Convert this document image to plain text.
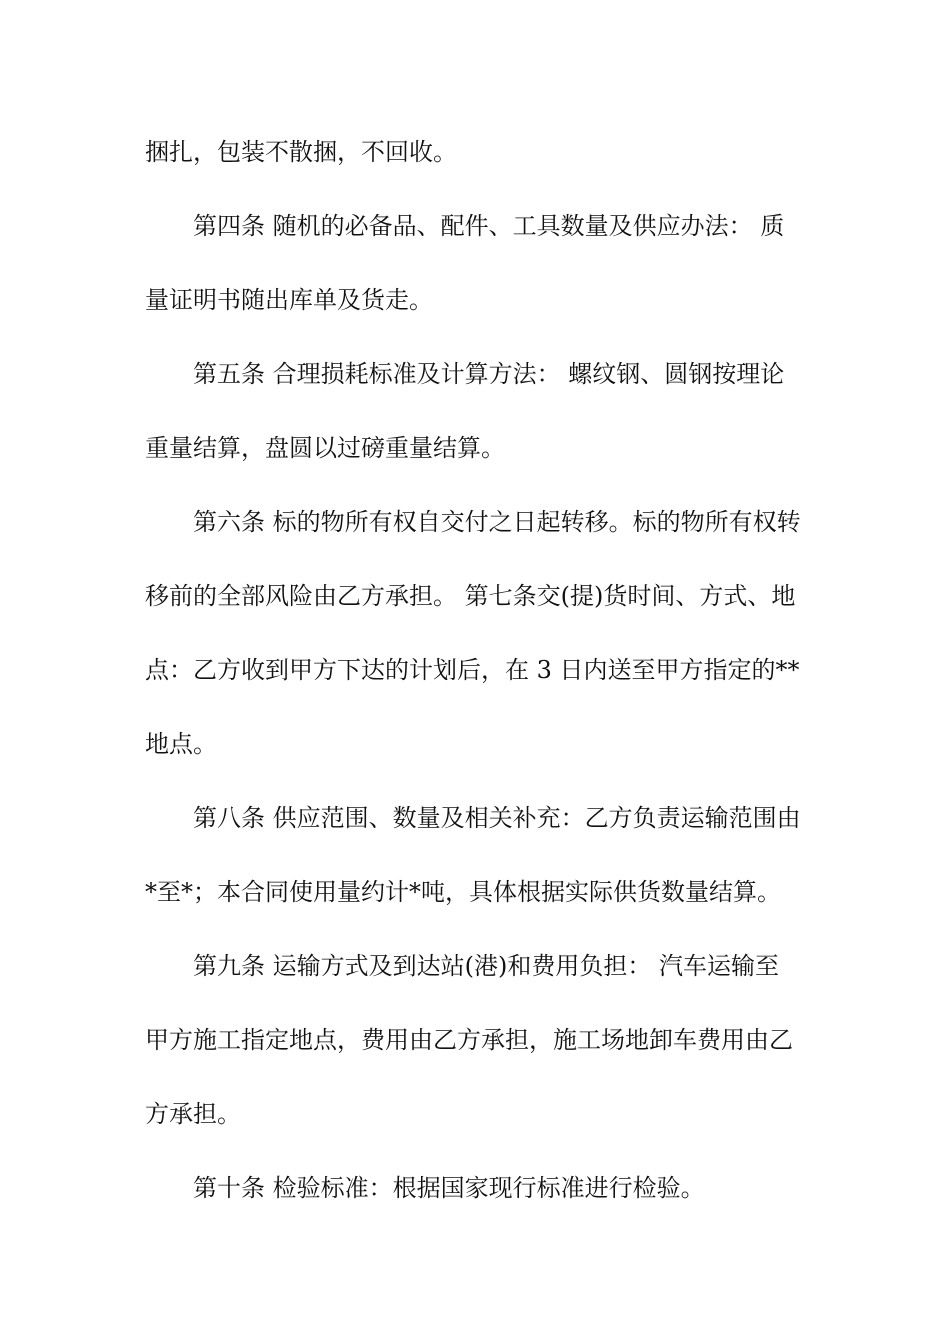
捆扎，包装不散捆，不回收。
第四条 随机的必备品、配件、工具数量及供应办法： 质
量证明书随出库单及货走。
第五条 合理损耗标准及计算方法： 螺纹钢、圆钢按理论
重量结算，盘圆以过磅重量结算。
第六条 标的物所有权自交付之日起转移。标的物所有权转
移前的全部风险由乙方承担。 第七条交(提)货时间、方式、地
点：乙方收到甲方下达的计划后，在 3 日内送至甲方指定的**
地点。
第八条 供应范围、数量及相关补充：乙方负责运输范围由
*至*；本合同使用量约计*吨，具体根据实际供货数量结算。
第九条 运输方式及到达站(港)和费用负担： 汽车运输至
甲方施工指定地点，费用由乙方承担，施工场地卸车费用由乙
方承担。
第十条 检验标准：根据国家现行标准进行检验。
